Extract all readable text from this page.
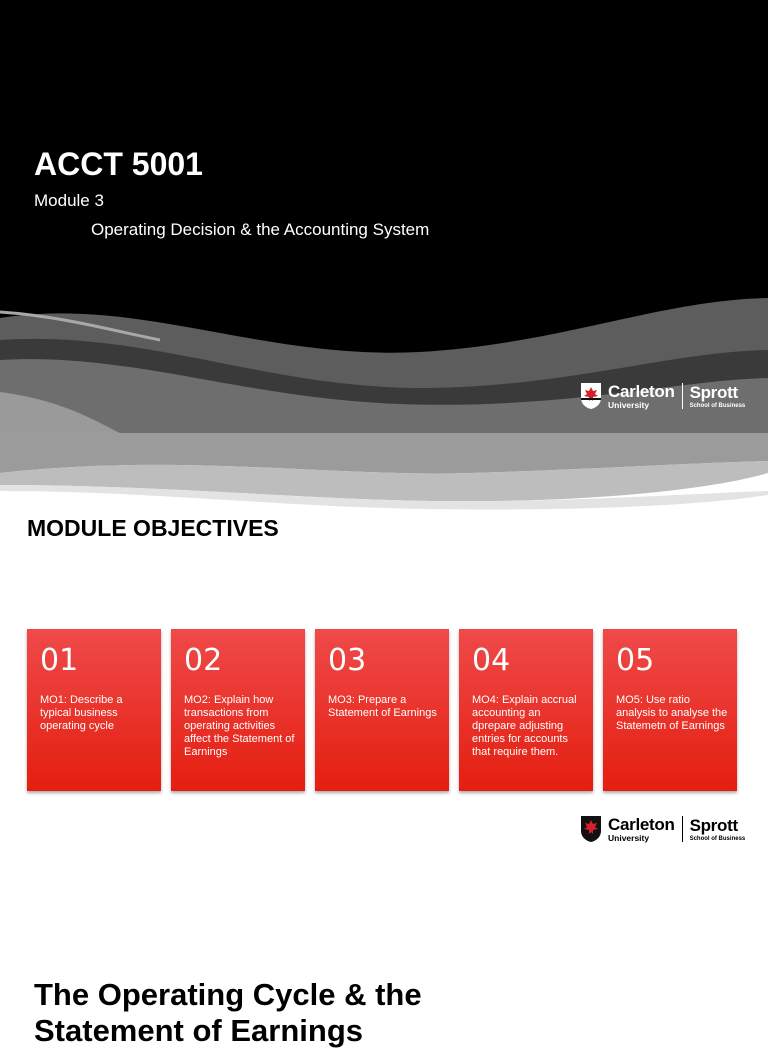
ACCT 5001
Module 3
Operating Decision & the Accounting System
Carleton
University
Sprott
School of Business
MODULE OBJECTIVES
01
MO1: Describe a typical business operating cycle
02
MO2: Explain how transactions from operating activities affect the Statement of Earnings
03
MO3: Prepare a Statement of Earnings
04
MO4: Explain accrual accounting an dprepare adjusting entries for accounts that require them.
05
MO5: Use ratio analysis to analyse the Statemetn of Earnings
Carleton
University
Sprott
School of Business
The Operating Cycle & the Statement of Earnings
